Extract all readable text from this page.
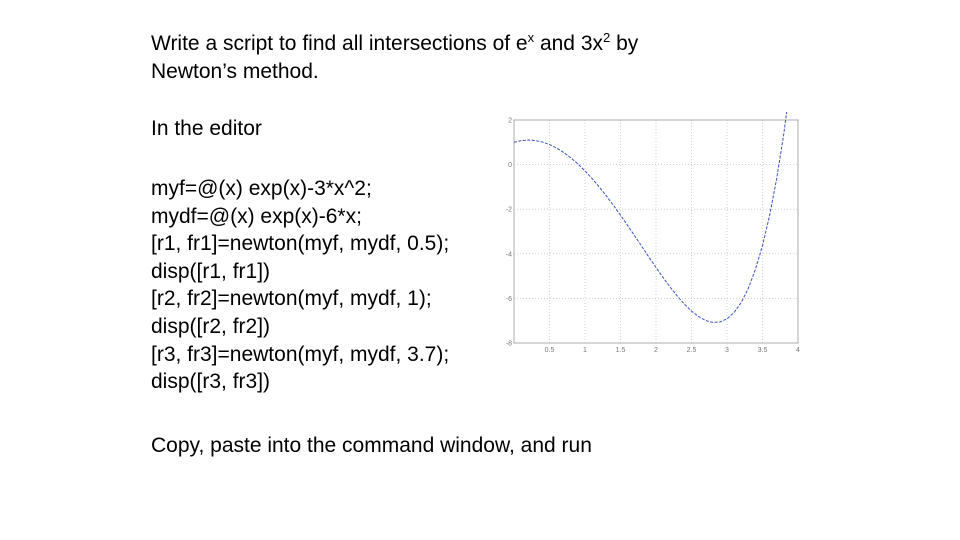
Write a script to find all intersections of $e^x$ and $3x^2$ by
Newton’s method.
In the editor
myf=@(x) exp(x)-3*x^2;
mydf=@(x) exp(x)-6*x;
[r1, fr1]=newton(myf, mydf, 0.5);
disp([r1, fr1])
[r2, fr2]=newton(myf, mydf, 1);
disp([r2, fr2])
[r3, fr3]=newton(myf, mydf, 3.7);
disp([r3, fr3])
0.5	1	1.5	2	2.5	3	3.5	4
2
0
-2
-4
-6
-8
Copy, paste into the command window, and run
